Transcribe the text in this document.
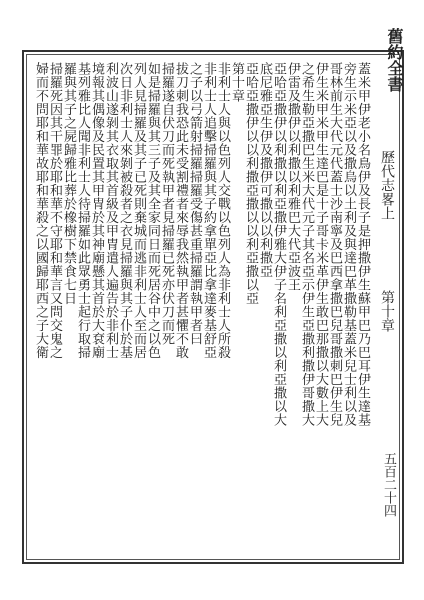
舊約全書
歷代志畧上
第十章
五百二十四
蓋米甲伊老小名鳥伊及長子是押撒伊生蘇甲巴乃巴耳伊生達基
旁生示米亞以及撒烏以土利及與達巴革撒勒基蓋米兒士利以及
哥林前生大代元代蓋士沙南寧及巴西拿撒巴兒哥撒刺巴伊生兒
伊生米甲米甲生達巴是十子哥卡米革伊生敢巴那撒以大數上大
之希生勒亞撒巴生米大代元子其名亞示伊生亞撒利撒伊哥撒大
伊雷及撒伊以利撒以利雅巴大代亞波王
亞哈亞撒伊以利撒以利亞撒伊雅大伊子名利亞撒以利亞撒以大
底尼雅亞生伊及撒伊可撒以以利撒亞
亞哈亞撒伊以以利撒亞撒以以利亞撒以亞
第十章
非利士人與以色列人交戰以色列人為非利士人所殺
非利士人追擊掃羅與其子約拿單亞比拿達麥基舒亞
之子以弓箭射掃羅掃羅受傷甚重掃羅謂執甲者曰
拔刀刺我恐此未受割禮者來辱我然執甲者甚懼不敢
掃羅遂自伏刀而死執甲者見掃羅已死亦伏刀而死
如是掃羅與其三子及其全家同日而死居谷中之以色
列人見掃羅及其子已死則棄城而逃非利士人至而居
次日非利士人來剝被殺者之衣見掃羅與其子仆於基
利波山遂剝其衣取其首級及甲冑遣人遍告於非利士
境報其偶像及民置其甲冑於其神廟懸其首於大袞廟
基列雅比人聞非利士人待掃羅如此眾勇士起行取掃
羅與其子之屍歸雅比葬於橡樹下禁食七日
掃羅死因其干罪於耶和華不守耶和華言又問交鬼之
婦而不問耶和華故耶和華殺之以國歸耶西之子大衛
